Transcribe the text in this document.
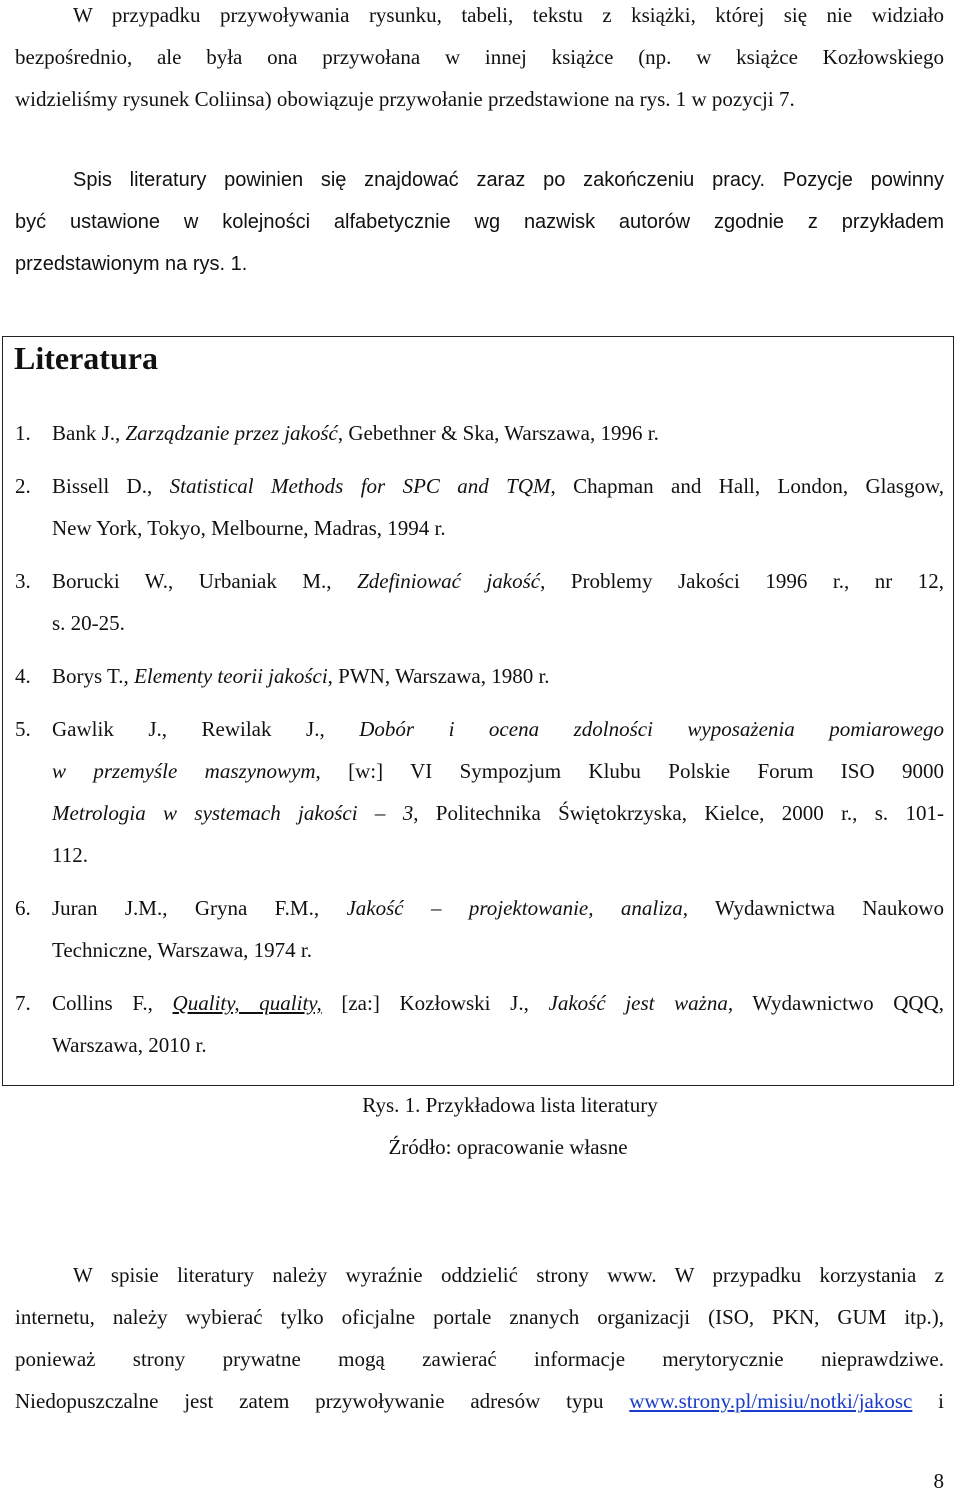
W przypadku przywoływania rysunku, tabeli, tekstu z książki, której się nie widziało
bezpośrednio, ale była ona przywołana w innej książce (np. w książce Kozłowskiego
widzieliśmy rysunek Coliinsa) obowiązuje przywołanie przedstawione na rys. 1 w pozycji 7.

Spis literatury powinien się znajdować zaraz po zakończeniu pracy. Pozycje powinny
być ustawione w kolejności alfabetycznie wg nazwisk autorów zgodnie z przykładem
przedstawionym na rys. 1.

Literatura
1. Bank J., Zarządzanie przez jakość, Gebethner & Ska, Warszawa, 1996 r.
2. Bissell D., Statistical Methods for SPC and TQM, Chapman and Hall, London, Glasgow,
New York, Tokyo, Melbourne, Madras, 1994 r.
3. Borucki W., Urbaniak M., Zdefiniować jakość, Problemy Jakości 1996 r., nr 12,
s. 20-25.
4. Borys T., Elementy teorii jakości, PWN, Warszawa, 1980 r.
5. Gawlik J., Rewilak J., Dobór i ocena zdolności wyposażenia pomiarowego
w przemyśle maszynowym, [w:] VI Sympozjum Klubu Polskie Forum ISO 9000
Metrologia w systemach jakości – 3, Politechnika Świętokrzyska, Kielce, 2000 r., s. 101-
112.
6. Juran J.M., Gryna F.M., Jakość – projektowanie, analiza, Wydawnictwa Naukowo
Techniczne, Warszawa, 1974 r.
7. Collins F., Quality, quality, [za:] Kozłowski J., Jakość jest ważna, Wydawnictwo QQQ,
Warszawa, 2010 r.

Rys. 1. Przykładowa lista literatury

Źródło: opracowanie własne

W spisie literatury należy wyraźnie oddzielić strony www. W przypadku korzystania z
internetu, należy wybierać tylko oficjalne portale znanych organizacji (ISO, PKN, GUM itp.),
ponieważ strony prywatne mogą zawierać informacje merytorycznie nieprawdziwe.
Niedopuszczalne jest zatem przywoływanie adresów typu www.strony.pl/misiu/notki/jakosc i

8
